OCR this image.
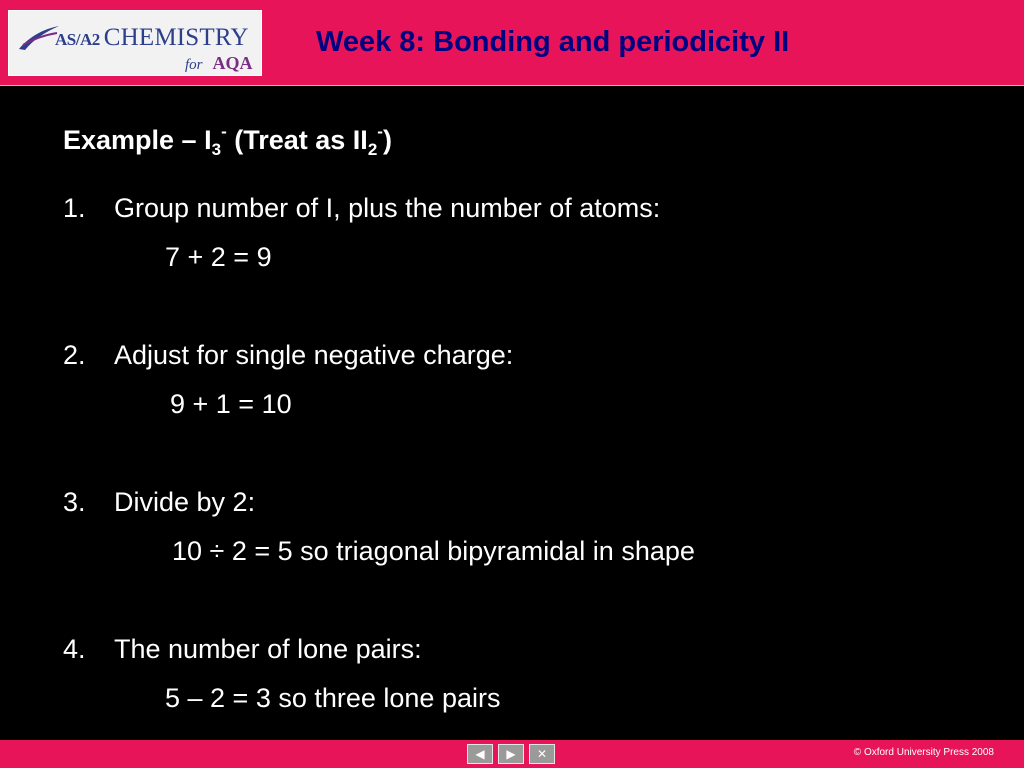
AS/A2 CHEMISTRY
for AQA
Week 8: Bonding and periodicity II
Example – $I_3^-$ (Treat as $II_2^-$)
1. Group number of I, plus the number of atoms:
7 + 2 = 9
2. Adjust for single negative charge:
9 + 1 = 10
3. Divide by 2:
10 ÷ 2 = 5 so triagonal bipyramidal in shape
4. The number of lone pairs:
5 – 2 = 3 so three lone pairs
◀ ▶ ✕	© Oxford University Press 2008
